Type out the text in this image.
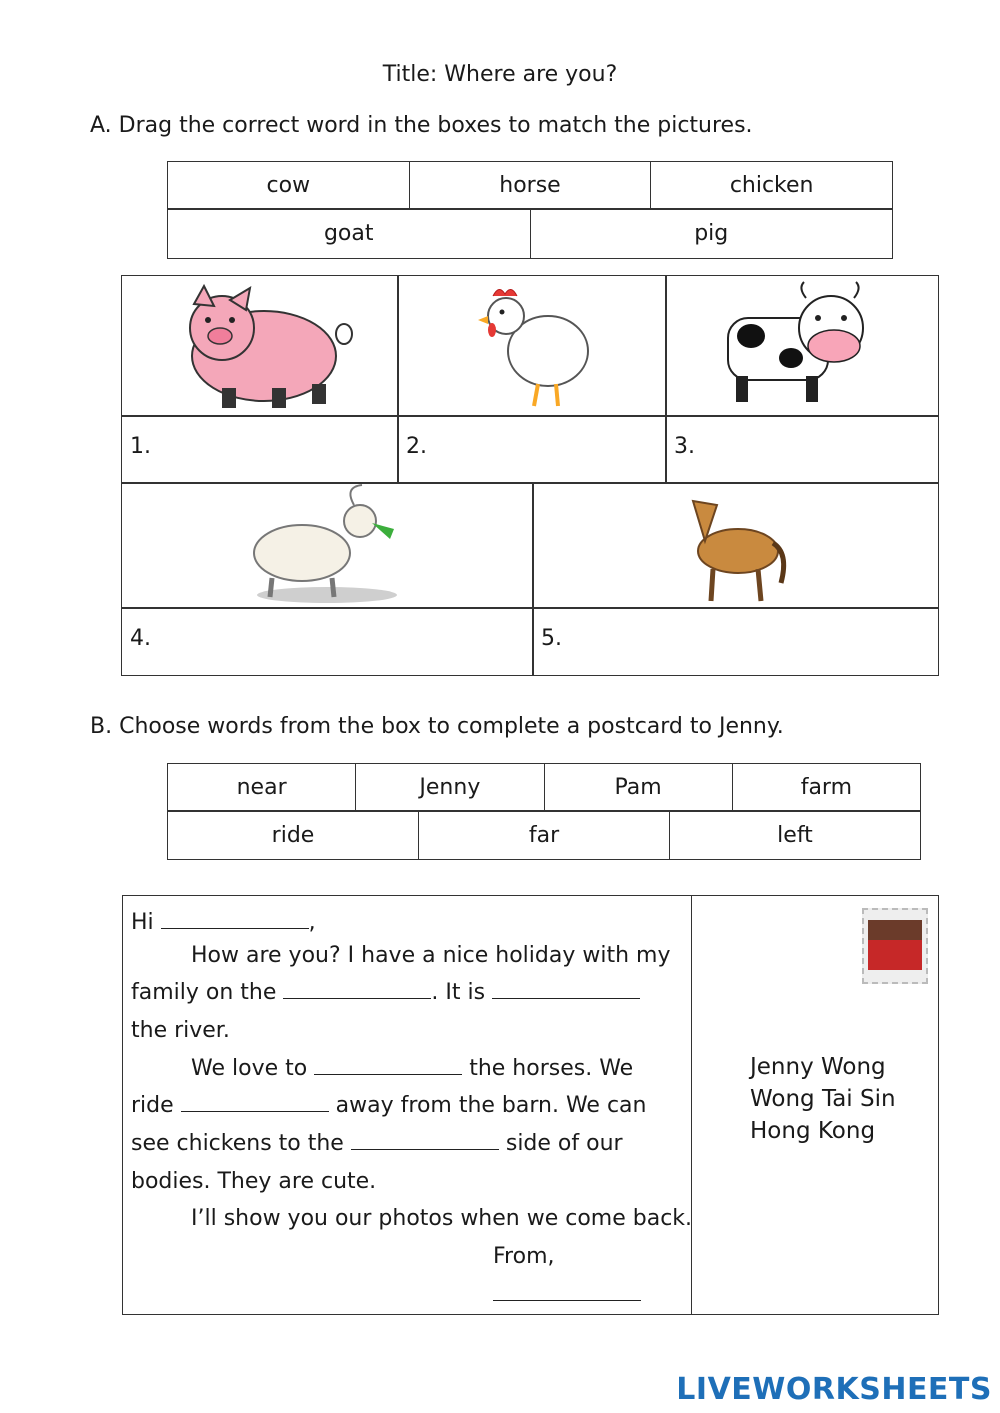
Title: Where are you?
A. Drag the correct word in the boxes to match the pictures.
cow	horse	chicken
goat	pig
1.	2.	3.
4.	5.
B. Choose words from the box to complete a postcard to Jenny.
near	Jenny	Pam	farm
ride	far	left
Hi	,
How are you? I have a nice holiday with my
family on the	. It is
the river.
We love to	the horses. We
ride	away from the barn. We can
see chickens to the	side of our
bodies. They are cute.
I’ll show you our photos when we come back.
From,
Jenny Wong
Wong Tai Sin
Hong Kong
LIVEWORKSHEETS
